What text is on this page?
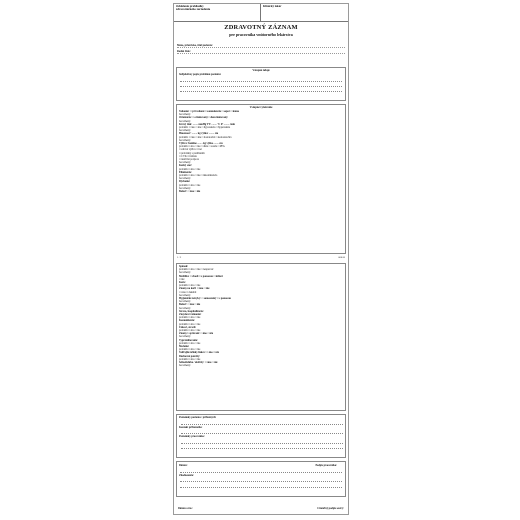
Oddelenie prehliadky
zdravotníckeho zariadenia
Klinický lekár
ZDRAVOTNÝ ZÁZNAM
pre pracovníka vnútorného lekárstva
Meno, priezvisko, titul pacienta:
Rodné číslo:
Vstupné údaje
Subjektívny popis problému pacienta:
Vstupné vyšetrenie
Vedomie: □ pri vedomí □ somnolencia □ sopor □ kóma
bez zmeny:
Orientácia: □ orientovaný □ dezorientovaný
bez zmeny:
Krvný tlak: ........ mmHg TT: ........ °C P: ........ /min
problém: □ áno □ nie □ hypotenzia □ hypertenzia
bez zmeny:
Hmotnosť: ........ kg výška: ........ cm
problém: □ áno □ nie □ dostatočná □ nedostatočná
bez zmeny:
Výživa: bazálne ........ kg výška ........ cm
problém □ áno □ nie □ diéta □ sonda □ PEG
□ zdravá výživa □ iné
□ problémy s prehĺtaním
□ CVK □ infúzia
□ nutričná podpora
bez zmeny:
Kožný stav:
problém □ áno □ nie
Eliminácia:
problém □ áno □ nie □ inkontinencia
bez zmeny:
Dýchanie:
problém □ áno □ nie
bez zmeny:
Bolesť: □ áno □ nie
1 / 2	000 00
Spánok:
problém □ áno □ nie □ nespavosť
bez zmeny:
Mobilita: □ chodí □ s pomocou □ ležiaci
□ iné
Koža:
problém □ áno □ nie
Zmeny na koži: □ áno □ nie
□ rana □ dekubit
bez zmeny:
Hygienické návyky: □ samostatný □ s pomocou
bez zmeny:
Bolesť: □ áno □ nie
bez zmeny:
Strava, hospitalizácia:
Zmyslové vnímanie:
problém □ áno □ nie
Komunikácia:
problém □ áno □ nie
Úzkosť, strach:
problém □ áno □ nie
Zmeny v správaní: □ áno □ nie
bez zmeny:
Vyprázdňovanie:
problém □ áno □ nie
Močenie:
problém □ áno □ nie
Vedľajšie účinky liekov: □ áno □ nie
Duchovné potreby:
problém □ áno □ nie
Sebaobsluha / aktivity: □ áno □ nie
bez zmeny:
Poznámky pacienta / príbuzných:
Kontakt príbuzného:
Poznámky pracovníka:
Dátum:	Podpis pracovníka:
Zhodnotenie:
Dátum a čas:	Čitateľný podpis sestry:
